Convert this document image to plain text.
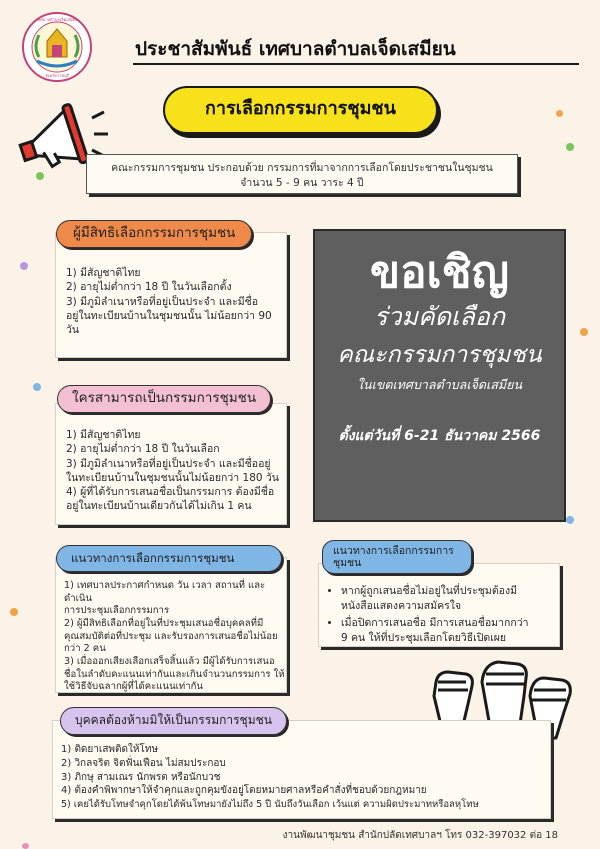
เทศบาลตำบลเจ็ดเสมียน
จังหวัดราชบุรี
ประชาสัมพันธ์ เทศบาลตำบลเจ็ดเสมียน
การเลือกกรรมการชุมชน
คณะกรรมการชุมชน ประกอบด้วย กรรมการที่มาจากการเลือกโดยประชาชนในชุมชน
จำนวน 5 - 9 คน วาระ 4 ปี
1) มีสัญชาติไทย
2) อายุไม่ต่ำกว่า 18 ปี ในวันเลือกตั้ง
3) มีภูมิลำเนาหรือที่อยู่เป็นประจำ และมีชื่อ
อยู่ในทะเบียนบ้านในชุมชนนั้น ไม่น้อยกว่า 90
วัน
ผู้มีสิทธิเลือกกรรมการชุมชน
1) มีสัญชาติไทย
2) อายุไม่ต่ำกว่า 18 ปี ในวันเลือก
3) มีภูมิลำเนาหรือที่อยู่เป็นประจำ และมีชื่ออยู่
ในทะเบียนบ้านในชุมชนนั้นไม่น้อยกว่า 180 วัน
4) ผู้ที่ได้รับการเสนอชื่อเป็นกรรมการ ต้องมีชื่อ
อยู่ในทะเบียนบ้านเดียวกันได้ไม่เกิน 1 คน
ใครสามารถเป็นกรรมการชุมชน
ขอเชิญ
ร่วมคัดเลือก
คณะกรรมการชุมชน
ในเขตเทศบาลตำบลเจ็ดเสมียน
ตั้งแต่วันที่ 6-21 ธันวาคม 2566
1) เทศบาลประกาศกำหนด วัน เวลา สถานที่ และดำเนิน
การประชุมเลือกกรรมการ
2) ผู้มีสิทธิเลือกที่อยู่ในที่ประชุมเสนอชื่อบุคคลที่มี
คุณสมบัติต่อที่ประชุม และรับรองการเสนอชื่อไม่น้อย
กว่า 2 คน
3) เมื่อออกเสียงเลือกเสร็จสิ้นแล้ว มีผู้ได้รับการเสนอ
ชื่อในลำดับคะแนนเท่ากันและเกินจำนวนกรรมการ ให้
ใช้วิธีจับฉลากผู้ที่ได้คะแนนเท่ากัน
แนวทางการเลือกกรรมการชุมชน
• หากผู้ถูกเสนอชื่อไม่อยู่ในที่ประชุมต้องมี
หนังสือแสดงความสมัครใจ
• เมื่อปิดการเสนอชื่อ มีการเสนอชื่อมากกว่า
9 คน ให้ที่ประชุมเลือกโดยวิธีเปิดเผย
แนวทางการเลือกกรรมการ
ชุมชน
1) ติดยาเสพติดให้โทษ
2) วิกลจริต จิตฟั่นเฟือน ไม่สมประกอบ
3) ภิกษุ สามเณร นักพรต หรือนักบวช
4) ต้องคำพิพากษาให้จำคุกและถูกคุมขังอยู่โดยหมายศาลหรือคำสั่งที่ชอบด้วยกฎหมาย
5) เคยได้รับโทษจำคุกโดยได้พ้นโทษมายังไม่ถึง 5 ปี นับถึงวันเลือก เว้นแต่ ความผิดประมาทหรือลหุโทษ
บุคคลต้องห้ามมิให้เป็นกรรมการชุมชน
งานพัฒนาชุมชน สำนักปลัดเทศบาลฯ โทร 032-397032 ต่อ 18
